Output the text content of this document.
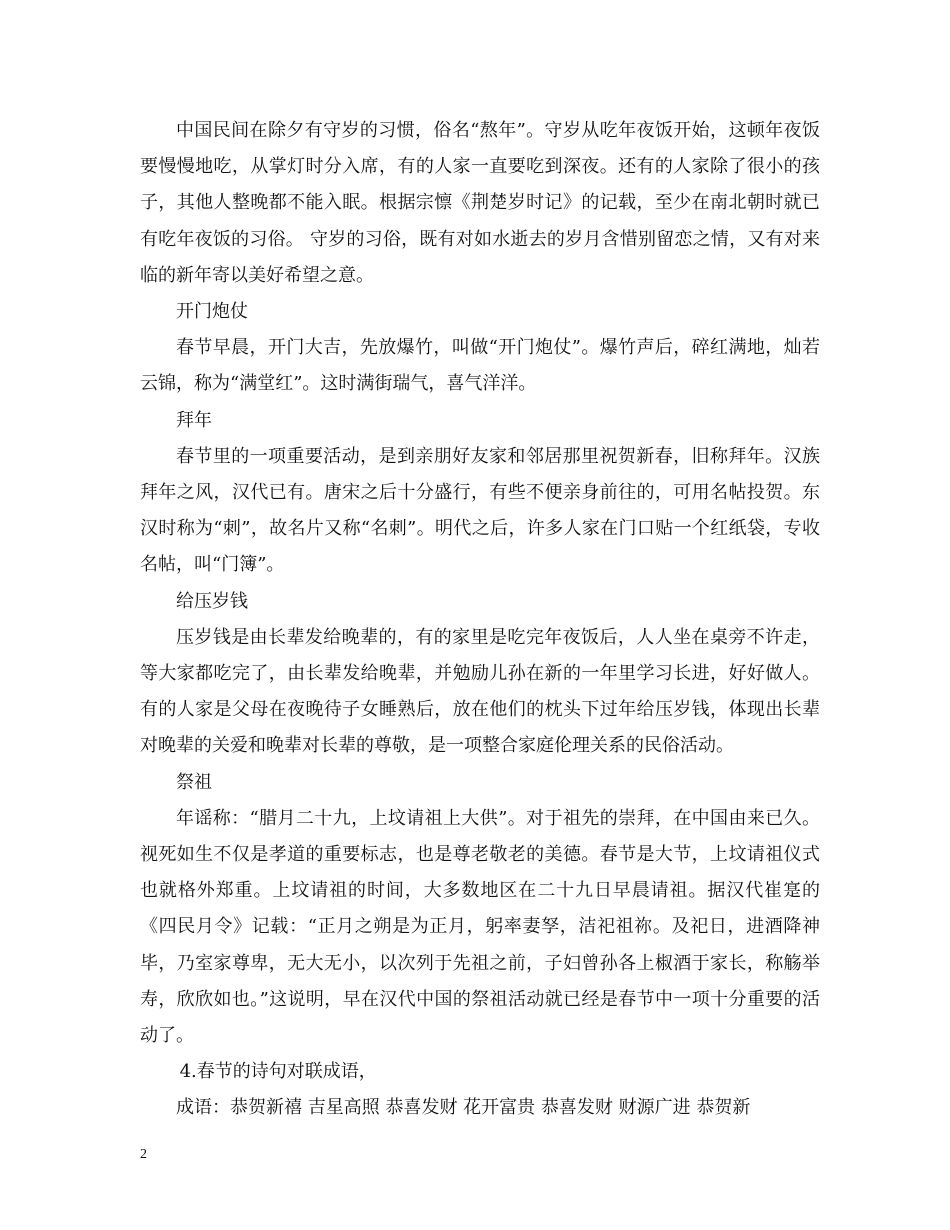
中国民间在除夕有守岁的习惯，俗名“熬年”。守岁从吃年夜饭开始，这顿年夜饭要慢慢地吃，从掌灯时分入席，有的人家一直要吃到深夜。还有的人家除了很小的孩子，其他人整晚都不能入眠。根据宗懔《荆楚岁时记》的记载，至少在南北朝时就已有吃年夜饭的习俗。 守岁的习俗，既有对如水逝去的岁月含惜别留恋之情，又有对来临的新年寄以美好希望之意。

开门炮仗

春节早晨，开门大吉，先放爆竹，叫做“开门炮仗”。爆竹声后，碎红满地，灿若云锦，称为“满堂红”。这时满街瑞气，喜气洋洋。

拜年

春节里的一项重要活动，是到亲朋好友家和邻居那里祝贺新春，旧称拜年。汉族拜年之风，汉代已有。唐宋之后十分盛行，有些不便亲身前往的，可用名帖投贺。东汉时称为“刺”，故名片又称“名刺”。明代之后，许多人家在门口贴一个红纸袋，专收名帖，叫“门簿”。

给压岁钱

压岁钱是由长辈发给晚辈的，有的家里是吃完年夜饭后，人人坐在桌旁不许走，等大家都吃完了，由长辈发给晚辈，并勉励儿孙在新的一年里学习长进，好好做人。有的人家是父母在夜晚待子女睡熟后，放在他们的枕头下过年给压岁钱，体现出长辈对晚辈的关爱和晚辈对长辈的尊敬，是一项整合家庭伦理关系的民俗活动。

祭祖

年谣称：“腊月二十九，上坟请祖上大供”。对于祖先的崇拜，在中国由来已久。视死如生不仅是孝道的重要标志，也是尊老敬老的美德。春节是大节，上坟请祖仪式也就格外郑重。上坟请祖的时间，大多数地区在二十九日早晨请祖。据汉代崔寔的《四民月令》记载：“正月之朔是为正月，躬率妻孥，洁祀祖祢。及祀日，进酒降神毕，乃室家尊卑，无大无小，以次列于先祖之前，子妇曾孙各上椒酒于家长，称觞举寿，欣欣如也。”这说明，早在汉代中国的祭祖活动就已经是春节中一项十分重要的活动了。

4.春节的诗句对联成语，

成语：恭贺新禧 吉星高照 恭喜发财 花开富贵 恭喜发财 财源广进 恭贺新

2
